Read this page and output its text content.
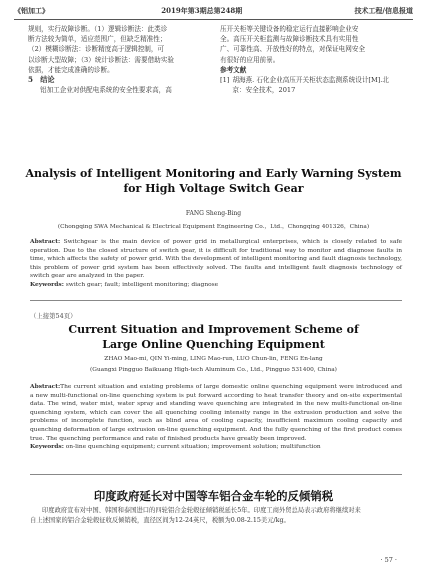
《铝加工》	2019年第3期总第248期	技术工程/信息报道

规则，实行故障诊断。（1）逻辑诊断法：此类诊

断方法较为简单，适应范围广，但缺乏精准性；

（2）模糊诊断法：诊断精度高于逻辑控制，可

以诊断大型故障；（3）统计诊断法：需要借助实验

依据，才能完成准确的诊断。

5　结论

铝加工企业对供配电系统的安全性要求高，高

压开关柜等关键设备的稳定运行直接影响企业安

全。高压开关柜监测与故障诊断技术具有实用性

广、可靠性高、开放性好的特点，对保证电网安全

有很好的应用前景。

参考文献

[1] 胡海燕. 石化企业高压开关柜状态监测系统设计[M].北京：安全技术，2017
Analysis of Intelligent Monitoring and Early Warning System
for High Voltage Switch Gear
FANG Sheng-Bing
(Chongqing SWA Mechanical & Electrical Equipment Engineering Co.，Ltd.，Chongqing 401326，China)

Abstract: Switchgear is the main device of power grid in metallurgical enterprises, which is closely related to safe operation. Due to the closed structure of switch gear, it is difficult for traditional way to monitor and diagnose faults in time, which affects the safety of power grid. With the development of intelligent monitoring and fault diagnosis technology, this problem of power grid system has been effectively solved. The faults and intelligent fault diagnosis technology of switch gear are analyzed in the paper.

Keywords: switch gear; fault; intelligent monitoring; diagnose

（上接第54页）
Current Situation and Improvement Scheme of
Large Online Quenching Equipment
ZHAO Mao-mi, QIN Yi-ming, LING Mao-run, LUO Chun-lin, FENG En-lang
(Guangxi Pingguo Baikuang High-tech Aluminum Co., Ltd., Pingguo 531400, China)

Abstract:The current situation and existing problems of large domestic online quenching equipment were introduced and a new multi-functional on-line quenching system is put forward according to heat transfer theory and on-site experimental data. The wind, water mist, water spray and standing wave quenching are integrated in the new multi-functional on-line quenching system, which can cover the all quenching cooling intensity range in the extrusion production and solve the problems of incomplete function, such as blind area of cooling capacity, insufficient maximum cooling capacity and quenching deformation of large extrusion on-line quenching equipment. And the fully quenching of the first product comes true. The quenching performance and rate of finished products have greatly been improved.

Keywords: on-line quenching equipment; current situation; improvement solution; multifunction

印度政府延长对中国等车铝合金车轮的反倾销税

印度政府宣布对中国、韩国和泰国进口的四轮铝合金轮毂征倾销税延长5年。印度工商外贸总局表示政府将继续对来

自上述国家的铝合金轮毂征收反倾销税，直径区间为12-24英尺，税额为0.08-2.15美元/kg。

· 57 ·
